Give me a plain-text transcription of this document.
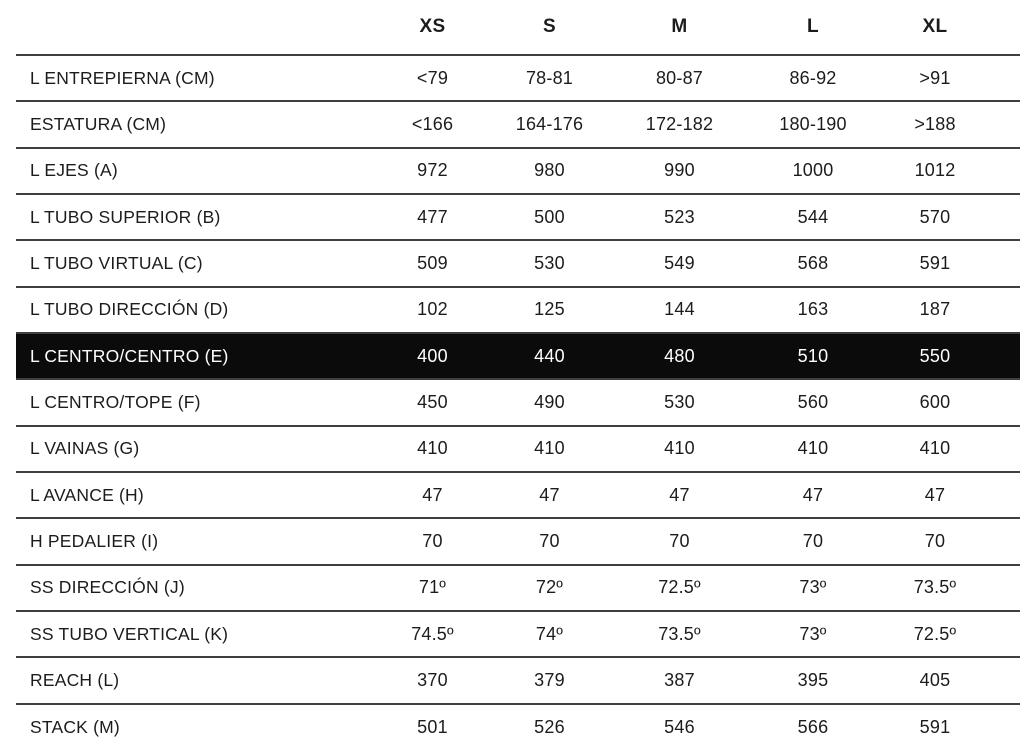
	XS	S	M	L	XL
L ENTREPIERNA (CM)	<79	78-81	80-87	86-92	>91
ESTATURA (CM)	<166	164-176	172-182	180-190	>188
L EJES (A)	972	980	990	1000	1012
L TUBO SUPERIOR (B)	477	500	523	544	570
L TUBO VIRTUAL (C)	509	530	549	568	591
L TUBO DIRECCIÓN (D)	102	125	144	163	187
L CENTRO/CENTRO (E)	400	440	480	510	550
L CENTRO/TOPE (F)	450	490	530	560	600
L VAINAS (G)	410	410	410	410	410
L AVANCE (H)	47	47	47	47	47
H PEDALIER (I)	70	70	70	70	70
SS DIRECCIÓN (J)	71º	72º	72.5º	73º	73.5º
SS TUBO VERTICAL (K)	74.5º	74º	73.5º	73º	72.5º
REACH (L)	370	379	387	395	405
STACK (M)	501	526	546	566	591
